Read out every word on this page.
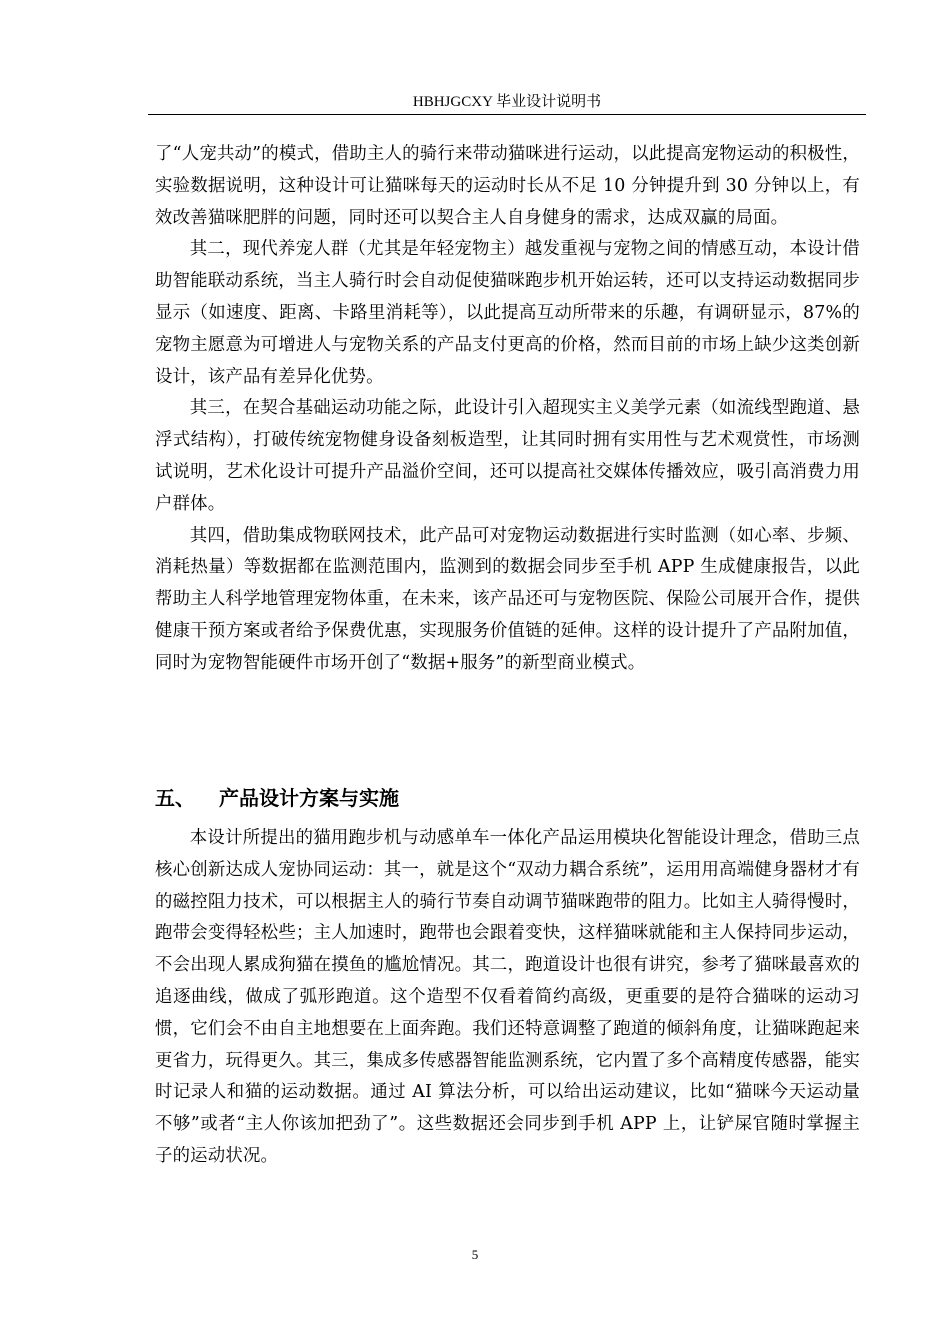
HBHJGCXY 毕业设计说明书

了“人宠共动”的模式，借助主人的骑行来带动猫咪进行运动，以此提高宠物运动的积极性，实验数据说明，这种设计可让猫咪每天的运动时长从不足 10 分钟提升到 30 分钟以上，有效改善猫咪肥胖的问题，同时还可以契合主人自身健身的需求，达成双赢的局面。

其二，现代养宠人群（尤其是年轻宠物主）越发重视与宠物之间的情感互动，本设计借助智能联动系统，当主人骑行时会自动促使猫咪跑步机开始运转，还可以支持运动数据同步显示（如速度、距离、卡路里消耗等），以此提高互动所带来的乐趣，有调研显示，87%的宠物主愿意为可增进人与宠物关系的产品支付更高的价格，然而目前的市场上缺少这类创新设计，该产品有差异化优势。

其三，在契合基础运动功能之际，此设计引入超现实主义美学元素（如流线型跑道、悬浮式结构），打破传统宠物健身设备刻板造型，让其同时拥有实用性与艺术观赏性，市场测试说明，艺术化设计可提升产品溢价空间，还可以提高社交媒体传播效应，吸引高消费力用户群体。

其四，借助集成物联网技术，此产品可对宠物运动数据进行实时监测（如心率、步频、消耗热量）等数据都在监测范围内，监测到的数据会同步至手机 APP 生成健康报告，以此帮助主人科学地管理宠物体重，在未来，该产品还可与宠物医院、保险公司展开合作，提供健康干预方案或者给予保费优惠，实现服务价值链的延伸。这样的设计提升了产品附加值，同时为宠物智能硬件市场开创了“数据+服务”的新型商业模式。

五、 产品设计方案与实施

本设计所提出的猫用跑步机与动感单车一体化产品运用模块化智能设计理念，借助三点核心创新达成人宠协同运动：其一，就是这个“双动力耦合系统”，运用用高端健身器材才有的磁控阻力技术，可以根据主人的骑行节奏自动调节猫咪跑带的阻力。比如主人骑得慢时，跑带会变得轻松些；主人加速时，跑带也会跟着变快，这样猫咪就能和主人保持同步运动，不会出现人累成狗猫在摸鱼的尴尬情况。其二，跑道设计也很有讲究，参考了猫咪最喜欢的追逐曲线，做成了弧形跑道。这个造型不仅看着简约高级，更重要的是符合猫咪的运动习惯，它们会不由自主地想要在上面奔跑。我们还特意调整了跑道的倾斜角度，让猫咪跑起来更省力，玩得更久。其三，集成多传感器智能监测系统，它内置了多个高精度传感器，能实时记录人和猫的运动数据。通过 AI 算法分析，可以给出运动建议，比如“猫咪今天运动量不够”或者“主人你该加把劲了”。这些数据还会同步到手机 APP 上，让铲屎官随时掌握主子的运动状况。

5
